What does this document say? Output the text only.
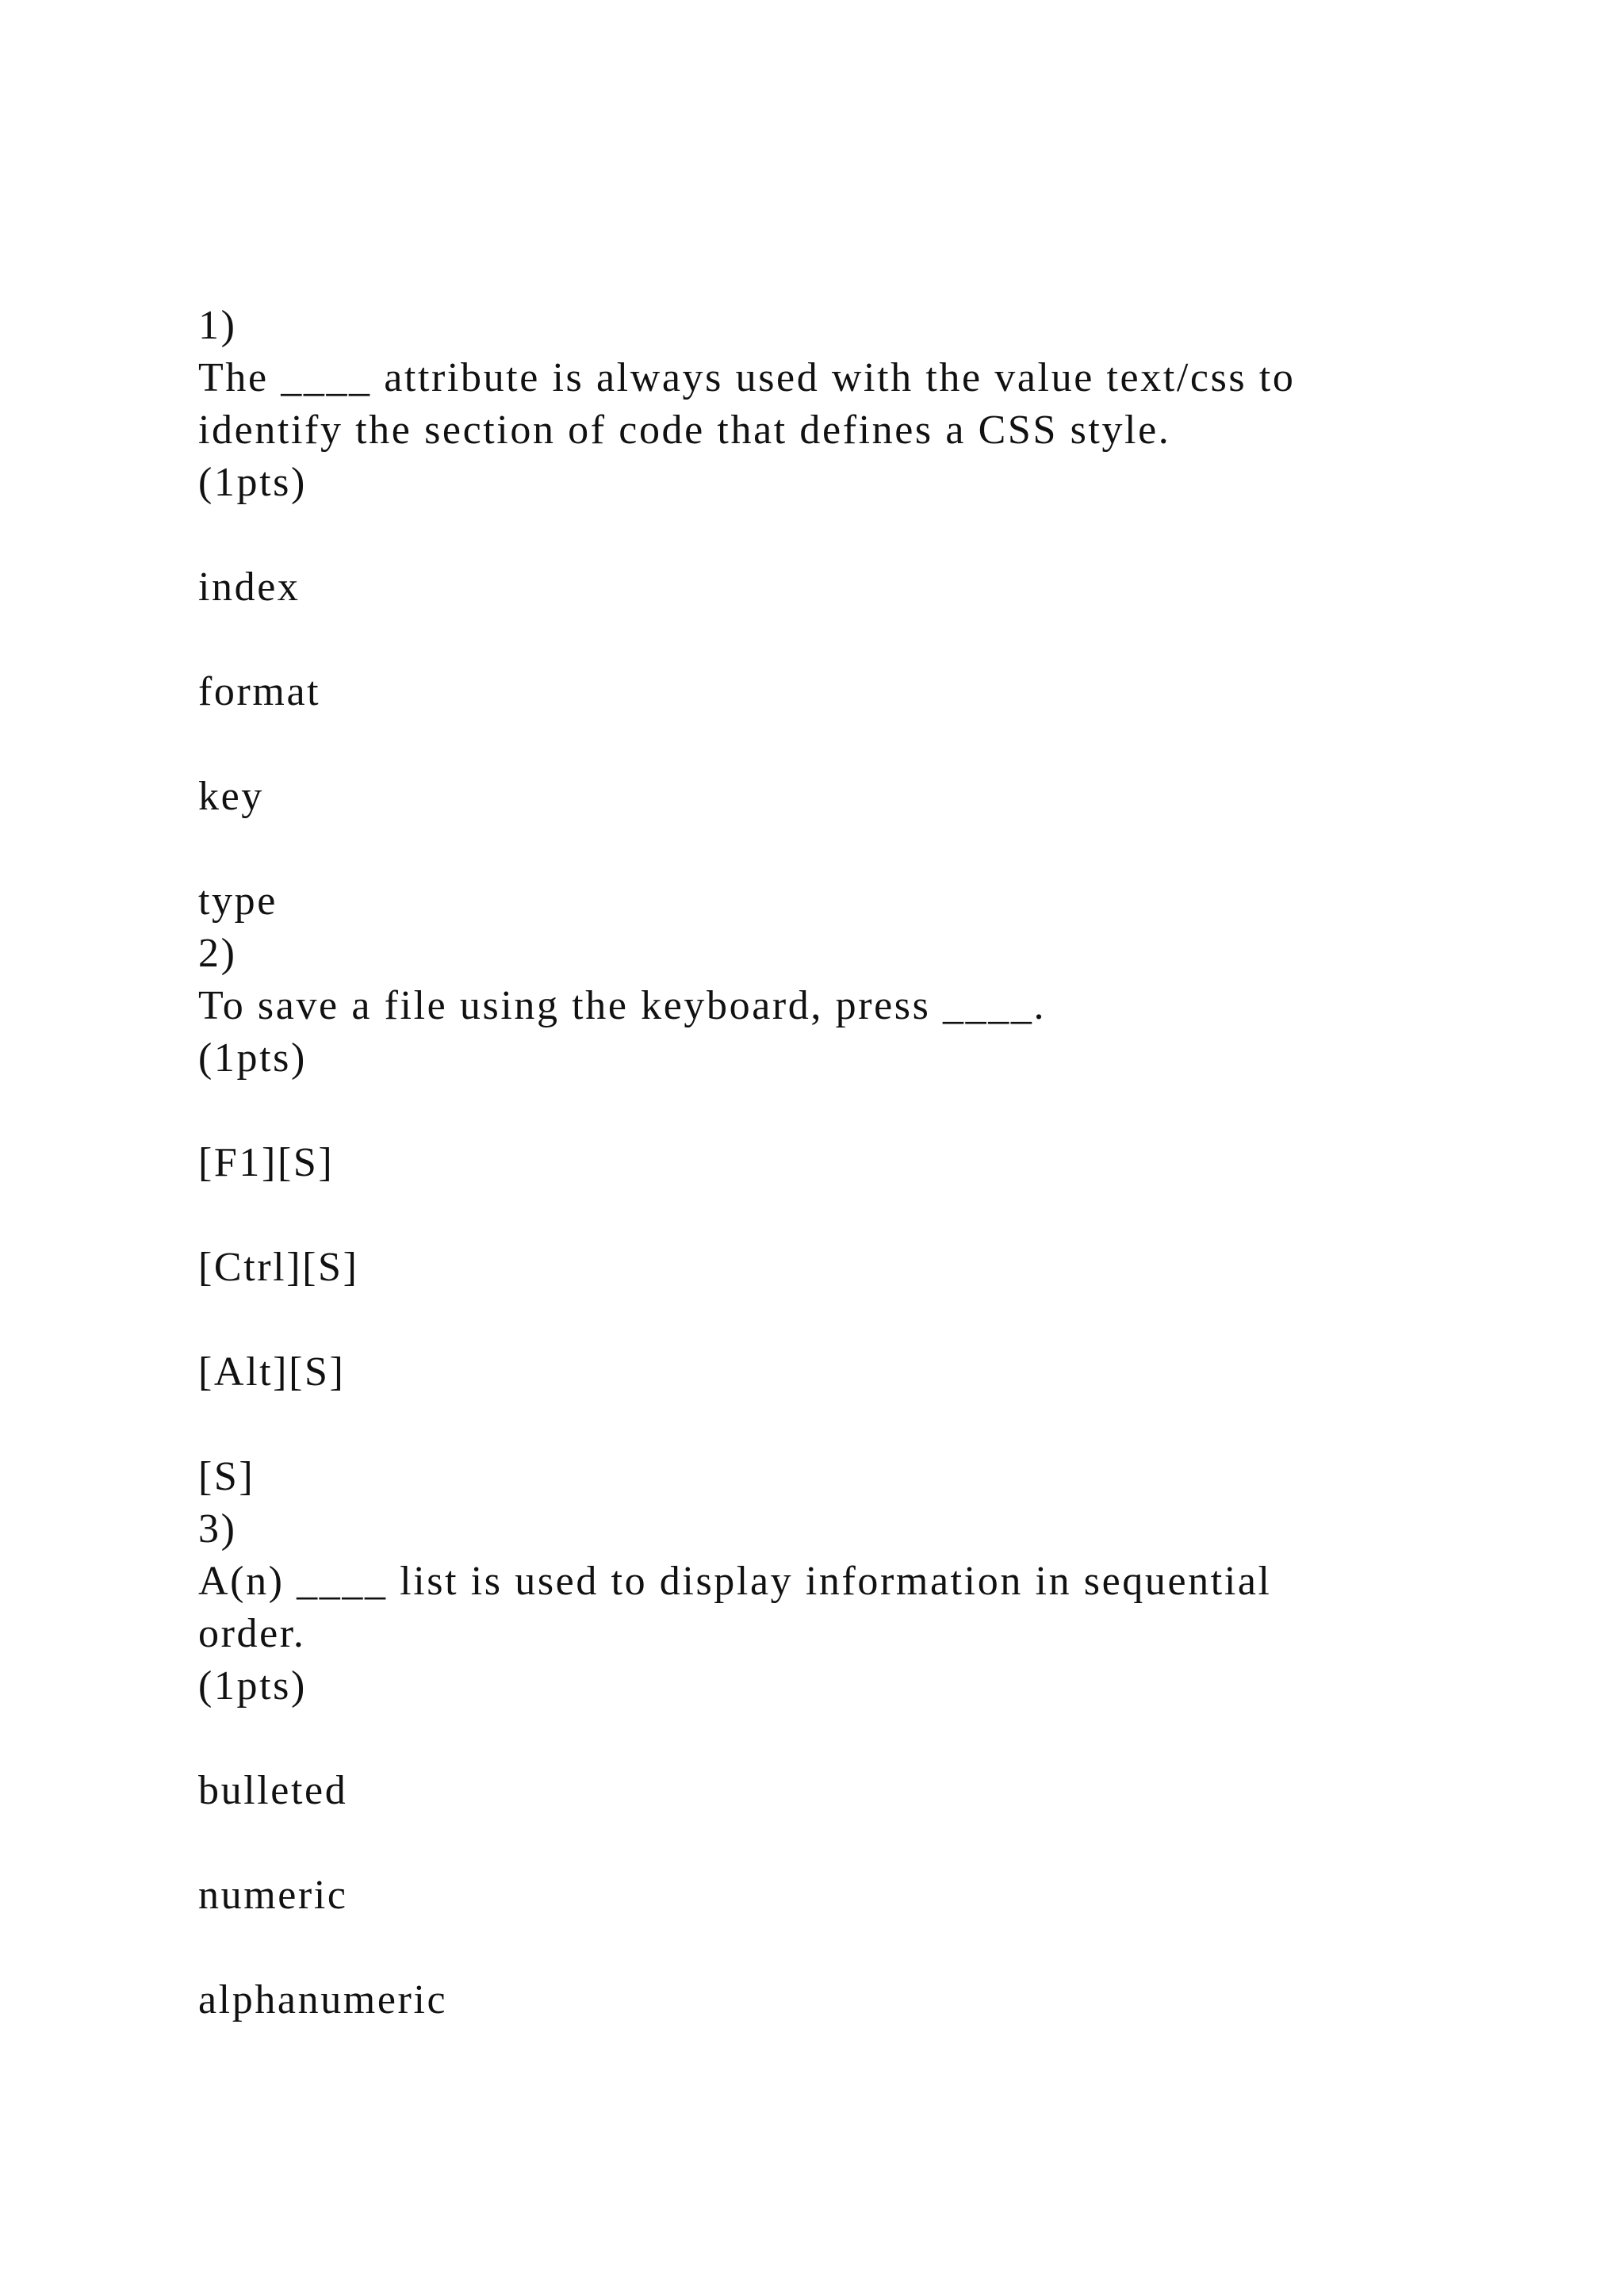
1)
The ____ attribute is always used with the value text/css to
identify the section of code that defines a CSS style.
(1pts)
index
format
key
type
2)
To save a file using the keyboard, press ____.
(1pts)
[F1][S]
[Ctrl][S]
[Alt][S]
[S]
3)
A(n) ____ list is used to display information in sequential
order.
(1pts)
bulleted
numeric
alphanumeric
